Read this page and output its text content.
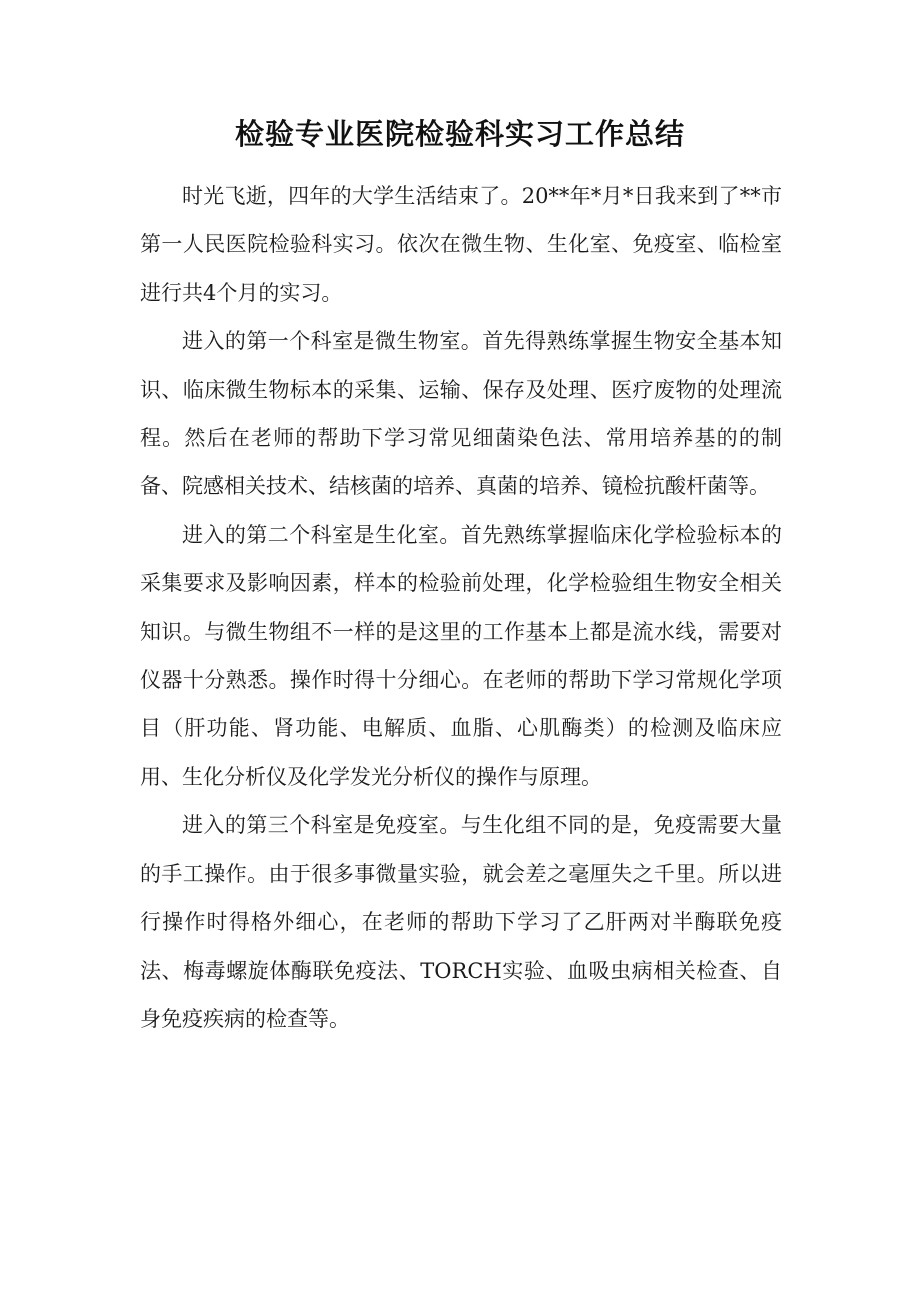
检验专业医院检验科实习工作总结

时光飞逝，四年的大学生活结束了。20**年*月*日我来到了**市第一人民医院检验科实习。依次在微生物、生化室、免疫室、临检室进行共4个月的实习。

进入的第一个科室是微生物室。首先得熟练掌握生物安全基本知识、临床微生物标本的采集、运输、保存及处理、医疗废物的处理流程。然后在老师的帮助下学习常见细菌染色法、常用培养基的的制备、院感相关技术、结核菌的培养、真菌的培养、镜检抗酸杆菌等。

进入的第二个科室是生化室。首先熟练掌握临床化学检验标本的采集要求及影响因素，样本的检验前处理，化学检验组生物安全相关知识。与微生物组不一样的是这里的工作基本上都是流水线，需要对仪器十分熟悉。操作时得十分细心。在老师的帮助下学习常规化学项目（肝功能、肾功能、电解质、血脂、心肌酶类）的检测及临床应用、生化分析仪及化学发光分析仪的操作与原理。

进入的第三个科室是免疫室。与生化组不同的是，免疫需要大量的手工操作。由于很多事微量实验，就会差之毫厘失之千里。所以进行操作时得格外细心，在老师的帮助下学习了乙肝两对半酶联免疫法、梅毒螺旋体酶联免疫法、TORCH实验、血吸虫病相关检查、自身免疫疾病的检查等。
